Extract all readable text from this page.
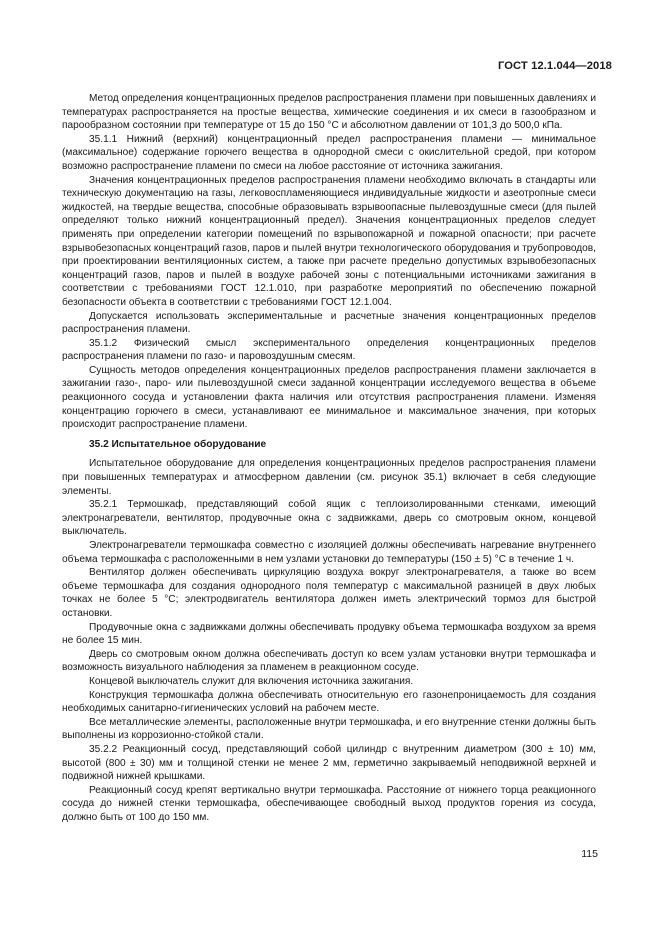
ГОСТ 12.1.044—2018

Метод определения концентрационных пределов распространения пламени при повышенных давлениях и температурах распространяется на простые вещества, химические соединения и их смеси в газообразном и парообразном состоянии при температуре от 15 до 150 °С и абсолютном давлении от 101,3 до 500,0 кПа.

35.1.1 Нижний (верхний) концентрационный предел распространения пламени — минимальное (максимальное) содержание горючего вещества в однородной смеси с окислительной средой, при котором возможно распространение пламени по смеси на любое расстояние от источника зажигания.

Значения концентрационных пределов распространения пламени необходимо включать в стандарты или техническую документацию на газы, легковоспламеняющиеся индивидуальные жидкости и азеотропные смеси жидкостей, на твердые вещества, способные образовывать взрывоопасные пылевоздушные смеси (для пылей определяют только нижний концентрационный предел). Значения концентрационных пределов следует применять при определении категории помещений по взрывопожарной и пожарной опасности; при расчете взрывобезопасных концентраций газов, паров и пылей внутри технологического оборудования и трубопроводов, при проектировании вентиляционных систем, а также при расчете предельно допустимых взрывобезопасных концентраций газов, паров и пылей в воздухе рабочей зоны с потенциальными источниками зажигания в соответствии с требованиями ГОСТ 12.1.010, при разработке мероприятий по обеспечению пожарной безопасности объекта в соответствии с требованиями ГОСТ 12.1.004.

Допускается использовать экспериментальные и расчетные значения концентрационных пределов распространения пламени.

35.1.2 Физический смысл экспериментального определения концентрационных пределов распространения пламени по газо- и паровоздушным смесям.

Сущность методов определения концентрационных пределов распространения пламени заключается в зажигании газо-, паро- или пылевоздушной смеси заданной концентрации исследуемого вещества в объеме реакционного сосуда и установлении факта наличия или отсутствия распространения пламени. Изменяя концентрацию горючего в смеси, устанавливают ее минимальное и максимальное значения, при которых происходит распространение пламени.

35.2 Испытательное оборудование

Испытательное оборудование для определения концентрационных пределов распространения пламени при повышенных температурах и атмосферном давлении (см. рисунок 35.1) включает в себя следующие элементы.

35.2.1 Термошкаф, представляющий собой ящик с теплоизолированными стенками, имеющий электронагреватели, вентилятор, продувочные окна с задвижками, дверь со смотровым окном, концевой выключатель.

Электронагреватели термошкафа совместно с изоляцией должны обеспечивать нагревание внутреннего объема термошкафа с расположенными в нем узлами установки до температуры (150 ± 5) °С в течение 1 ч.

Вентилятор должен обеспечивать циркуляцию воздуха вокруг электронагревателя, а также во всем объеме термошкафа для создания однородного поля температур с максимальной разницей в двух любых точках не более 5 °С; электродвигатель вентилятора должен иметь электрический тормоз для быстрой остановки.

Продувочные окна с задвижками должны обеспечивать продувку объема термошкафа воздухом за время не более 15 мин.

Дверь со смотровым окном должна обеспечивать доступ ко всем узлам установки внутри термошкафа и возможность визуального наблюдения за пламенем в реакционном сосуде.

Концевой выключатель служит для включения источника зажигания.

Конструкция термошкафа должна обеспечивать относительную его газонепроницаемость для создания необходимых санитарно-гигиенических условий на рабочем месте.

Все металлические элементы, расположенные внутри термошкафа, и его внутренние стенки должны быть выполнены из коррозионно-стойкой стали.

35.2.2 Реакционный сосуд, представляющий собой цилиндр с внутренним диаметром (300 ± 10) мм, высотой (800 ± 30) мм и толщиной стенки не менее 2 мм, герметично закрываемый неподвижной верхней и подвижной нижней крышками.

Реакционный сосуд крепят вертикально внутри термошкафа. Расстояние от нижнего торца реакционного сосуда до нижней стенки термошкафа, обеспечивающее свободный выход продуктов горения из сосуда, должно быть от 100 до 150 мм.

115
